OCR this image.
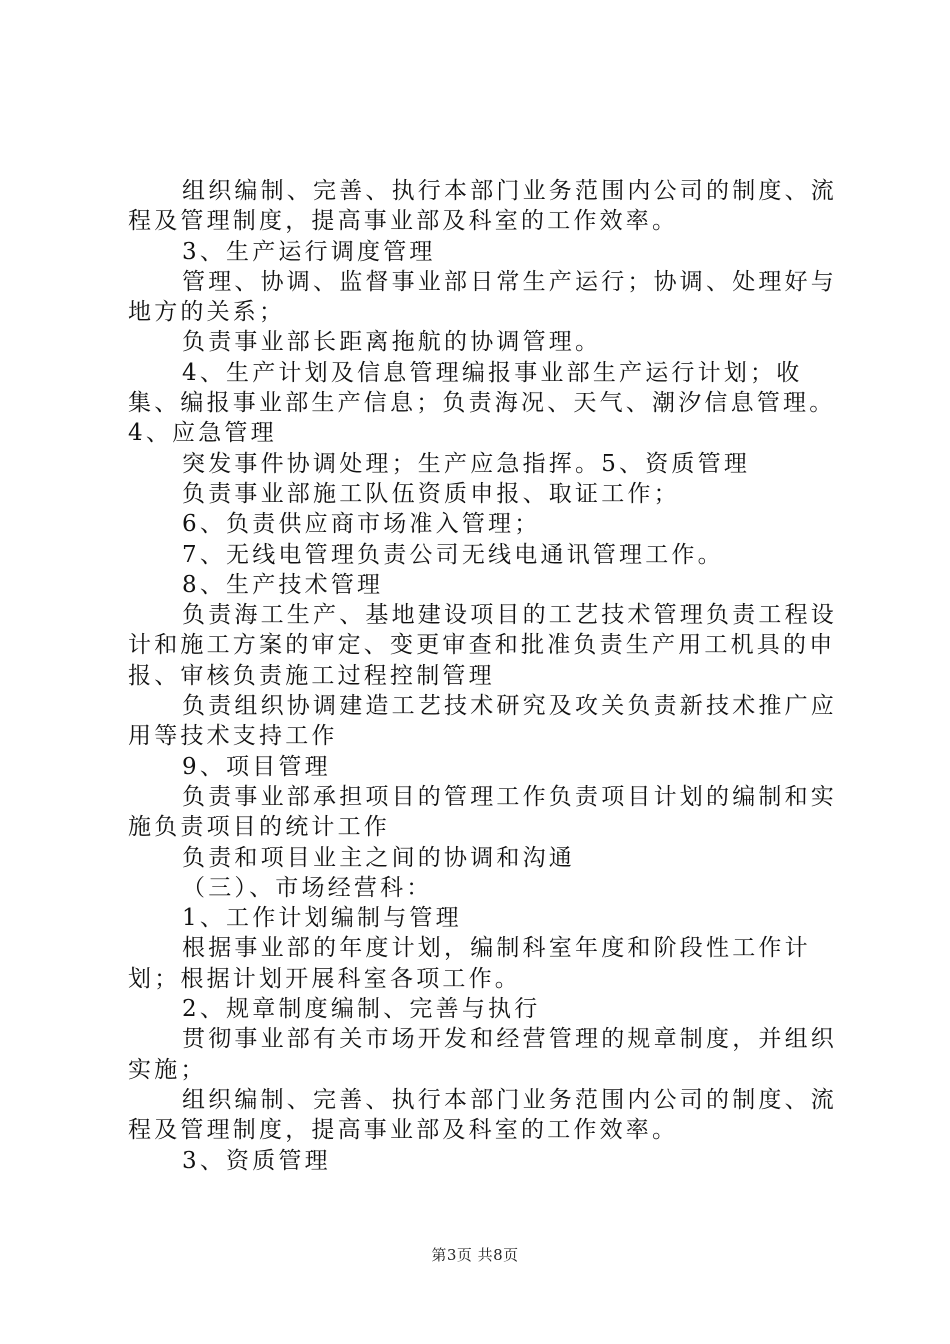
组织编制、完善、执行本部门业务范围内公司的制度、流程及管理制度，提高事业部及科室的工作效率。

3、生产运行调度管理

管理、协调、监督事业部日常生产运行；协调、处理好与地方的关系；

负责事业部长距离拖航的协调管理。

4、生产计划及信息管理编报事业部生产运行计划；收集、编报事业部生产信息；负责海况、天气、潮汐信息管理。4、应急管理

突发事件协调处理；生产应急指挥。5、资质管理

负责事业部施工队伍资质申报、取证工作；

6、负责供应商市场准入管理；

7、无线电管理负责公司无线电通讯管理工作。

8、生产技术管理

负责海工生产、基地建设项目的工艺技术管理负责工程设计和施工方案的审定、变更审查和批准负责生产用工机具的申报、审核负责施工过程控制管理

负责组织协调建造工艺技术研究及攻关负责新技术推广应用等技术支持工作

9、项目管理

负责事业部承担项目的管理工作负责项目计划的编制和实施负责项目的统计工作

负责和项目业主之间的协调和沟通

（三）、市场经营科：

1、工作计划编制与管理

根据事业部的年度计划，编制科室年度和阶段性工作计划；根据计划开展科室各项工作。

2、规章制度编制、完善与执行

贯彻事业部有关市场开发和经营管理的规章制度，并组织实施；

组织编制、完善、执行本部门业务范围内公司的制度、流程及管理制度，提高事业部及科室的工作效率。

3、资质管理

第3页 共8页
